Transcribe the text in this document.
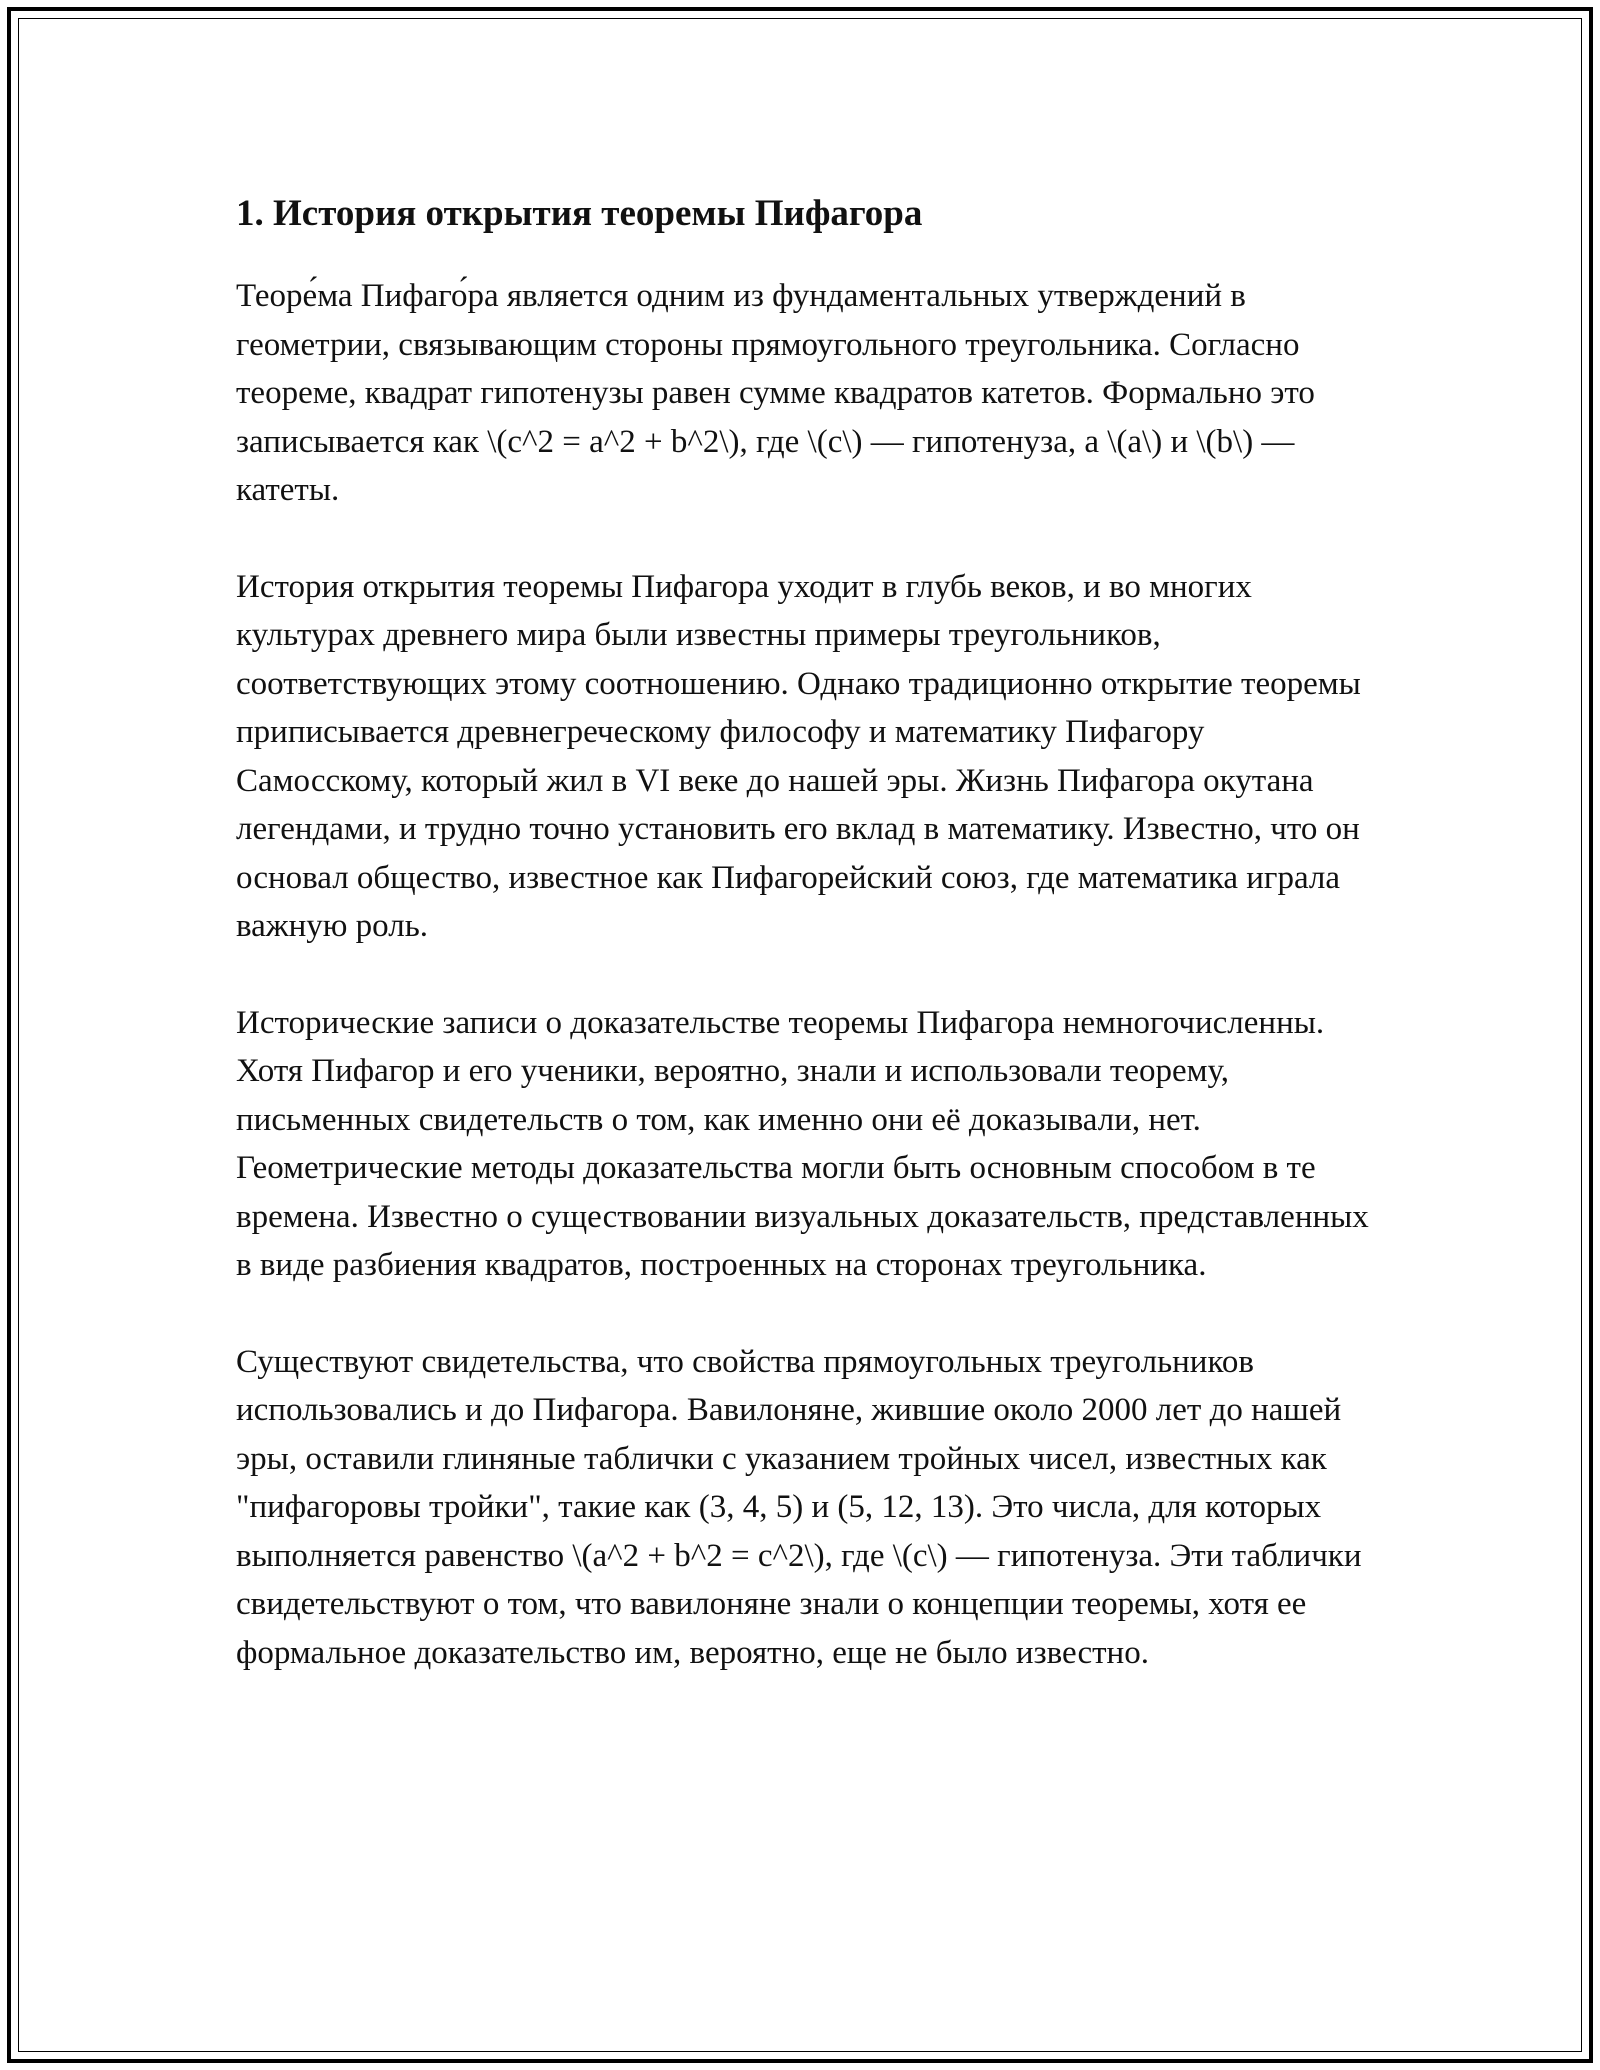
1. История открытия теоремы Пифагора

Теоре́ма Пифаго́ра является одним из фундаментальных утверждений в геометрии, связывающим стороны прямоугольного треугольника. Согласно теореме, квадрат гипотенузы равен сумме квадратов катетов. Формально это записывается как \(c^2 = a^2 + b^2\), где \(c\) — гипотенуза, а \(a\) и \(b\) — катеты.

История открытия теоремы Пифагора уходит в глубь веков, и во многих культурах древнего мира были известны примеры треугольников, соответствующих этому соотношению. Однако традиционно открытие теоремы приписывается древнегреческому философу и математику Пифагору Самосскому, который жил в VI веке до нашей эры. Жизнь Пифагора окутана легендами, и трудно точно установить его вклад в математику. Известно, что он основал общество, известное как Пифагорейский союз, где математика играла важную роль.

Исторические записи о доказательстве теоремы Пифагора немногочисленны. Хотя Пифагор и его ученики, вероятно, знали и использовали теорему, письменных свидетельств о том, как именно они её доказывали, нет. Геометрические методы доказательства могли быть основным способом в те времена. Известно о существовании визуальных доказательств, представленных в виде разбиения квадратов, построенных на сторонах треугольника.

Существуют свидетельства, что свойства прямоугольных треугольников использовались и до Пифагора. Вавилоняне, жившие около 2000 лет до нашей эры, оставили глиняные таблички с указанием тройных чисел, известных как "пифагоровы тройки", такие как (3, 4, 5) и (5, 12, 13). Это числа, для которых выполняется равенство \(a^2 + b^2 = c^2\), где \(c\) — гипотенуза. Эти таблички свидетельствуют о том, что вавилоняне знали о концепции теоремы, хотя ее формальное доказательство им, вероятно, еще не было известно.
